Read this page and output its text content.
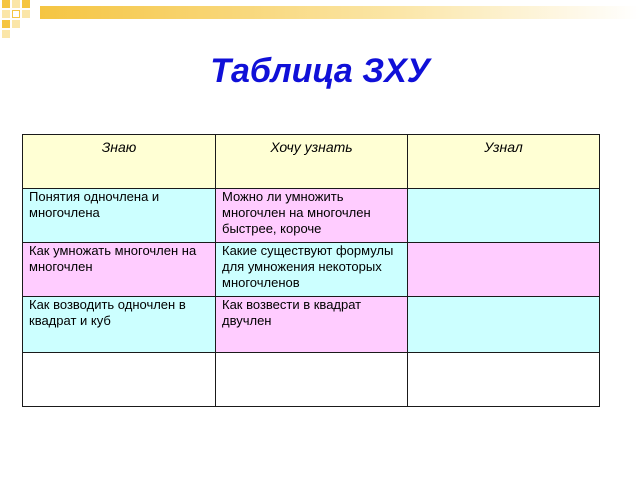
Таблица ЗХУ
Знаю	Хочу узнать	Узнал
Понятия одночлена и многочлена	Можно ли умножить многочлен на многочлен быстрее, короче	
Как умножать многочлен на многочлен	Какие существуют формулы для умножения некоторых многочленов	
Как возводить одночлен в квадрат и куб	Как возвести в квадрат двучлен	
